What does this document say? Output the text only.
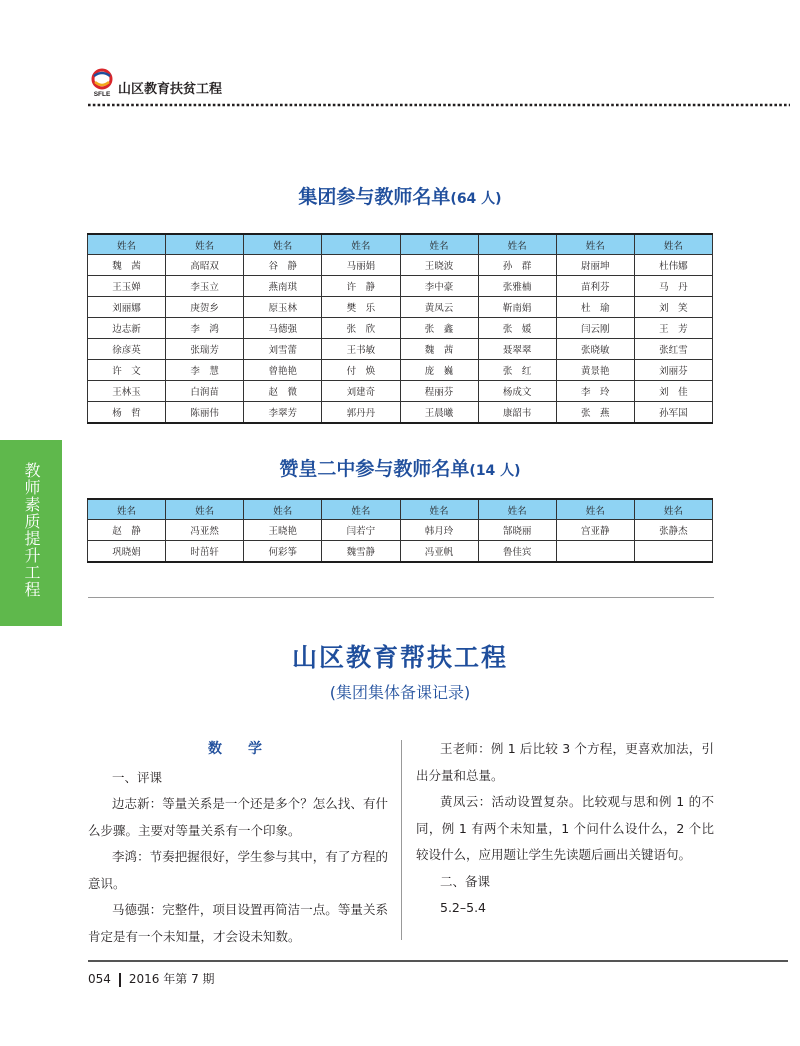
SFLE 山区教育扶贫工程
教师素质提升工程
集团参与教师名单(64 人)
姓名	姓名	姓名	姓名	姓名	姓名	姓名	姓名
魏　茜	高昭双	谷　静	马丽娟	王晓波	孙　群	尉丽坤	杜伟娜
王玉婵	李玉立	燕南琪	许　静	李中豪	张雅楠	苗利芬	马　丹
刘丽娜	庚贺乡	原玉林	樊　乐	黄凤云	靳南娟	杜　瑜	刘　笑
边志新	李　鸿	马德强	张　欣	张　鑫	张　媛	闫云刚	王　芳
徐彦英	张瑞芳	刘雪蕾	王书敏	魏　茜	聂翠翠	张晓敏	张红雪
许　文	李　慧	曾艳艳	付　焕	庞　巍	张　红	黄景艳	刘丽芬
王林玉	白润苗	赵　微	刘建奇	程丽芬	杨成文	李　玲	刘　佳
杨　哲	陈丽伟	李翠芳	郭丹丹	王晨曦	康韶韦	张　燕	孙军国
赞皇二中参与教师名单(14 人)
姓名	姓名	姓名	姓名	姓名	姓名	姓名	姓名
赵　静	冯亚然	王晓艳	闫若宁	韩月玲	郜晓丽	宫亚静	张静杰
巩晓娟	时茁轩	何彩筝	魏雪静	冯亚帆	鲁佳宾		
山区教育帮扶工程
(集团集体备课记录)
数　学
一、评课
边志新：等量关系是一个还是多个？怎么找、有什么步骤。主要对等量关系有一个印象。
李鸿：节奏把握很好，学生参与其中，有了方程的意识。
马德强：完整件，项目设置再简洁一点。等量关系肯定是有一个未知量，才会设未知数。
王老师：例 1 后比较 3 个方程，更喜欢加法，引出分量和总量。
黄凤云：活动设置复杂。比较观与思和例 1 的不同，例 1 有两个未知量，1 个问什么设什么，2 个比较设什么，应用题让学生先读题后画出关键语句。
二、备课
5.2–5.4
054 2016 年第 7 期
